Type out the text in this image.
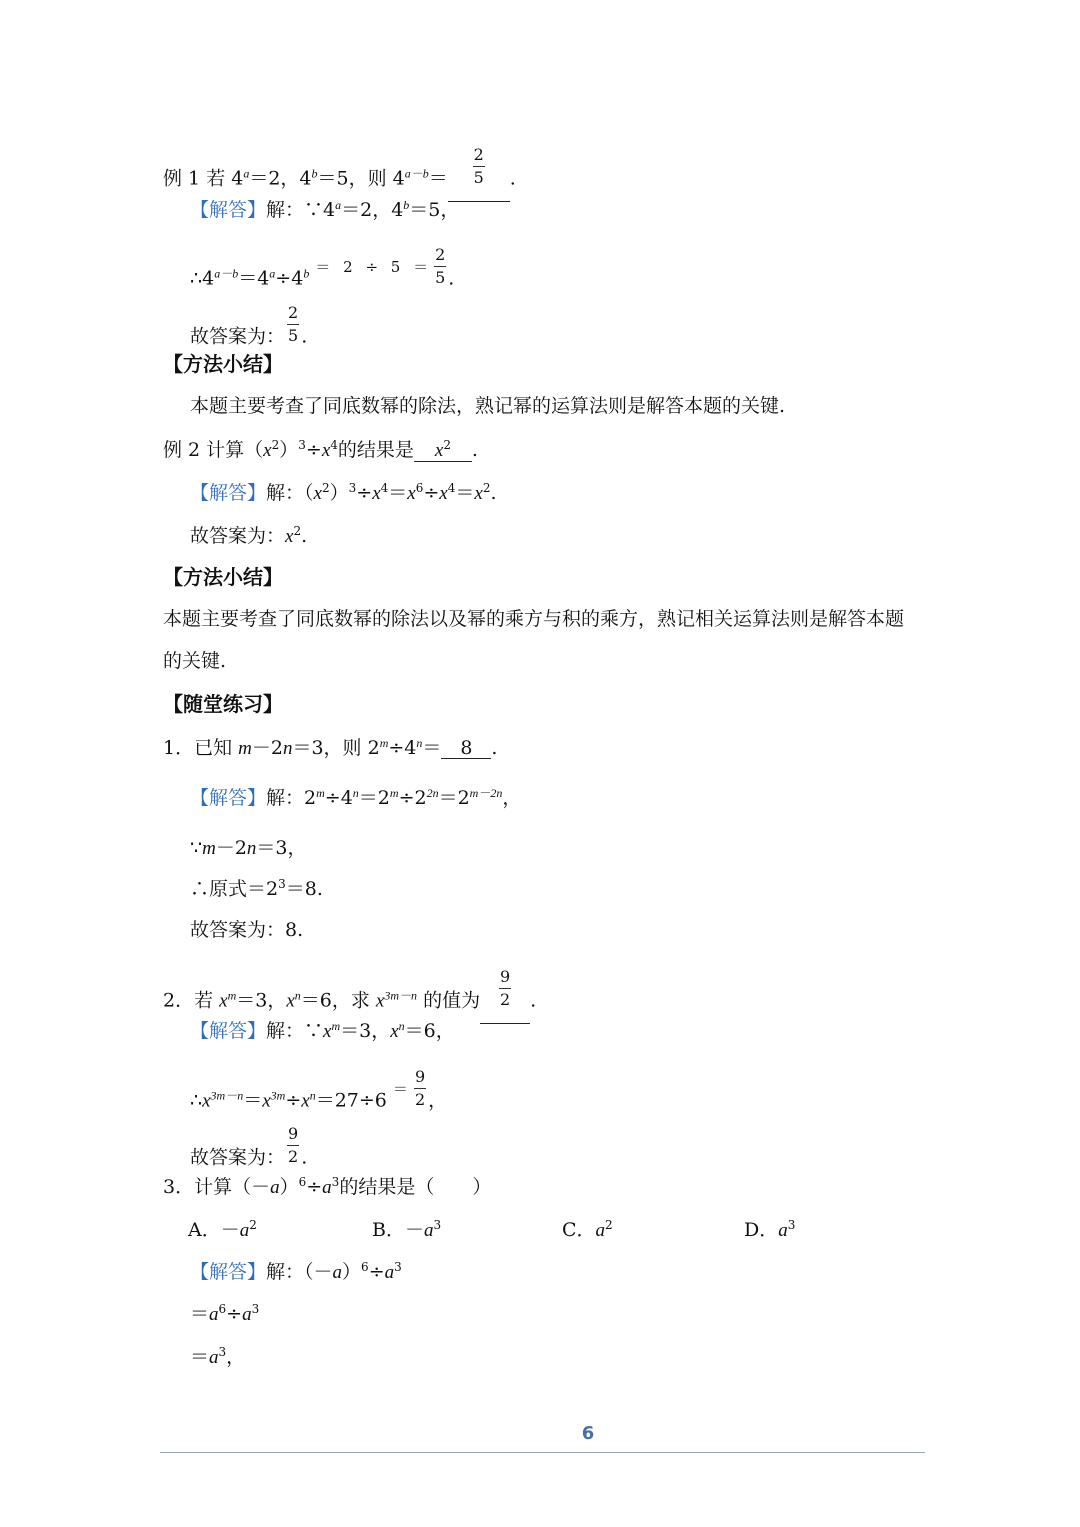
例 1 若 $4^a=2$，$4^b=5$，则 $4^{a-b}= \frac{2}{5}$ .
【解答】解：$\because 4^a=2$，$4^b=5$，
$\therefore 4^{a-b}=4^a\div 4^b$ $^{= 2 \div 5 =} \frac{2}{5}$ .
故答案为： $\frac{2}{5}$ .
【方法小结】
本题主要考查了同底数幂的除法，熟记幂的运算法则是解答本题的关键.
例 2 计算$(x^2)^3\div x^4$的结果是 $x^2$ .
【解答】解：$(x^2)^3\div x^4=x^6\div x^4=x^2$.
故答案为：$x^2$.
【方法小结】
本题主要考查了同底数幂的除法以及幂的乘方与积的乘方，熟记相关运算法则是解答本题
的关键.
【随堂练习】
1．已知 m－2n＝3，则 $2^m\div 4^n= 8$ .
【解答】解：$2^m\div 4^n=2^m\div 2^{2n}=2^{m-2n}$，
∵m－2n＝3，
∴原式$=2^3=8$.
故答案为：8.
2．若 $x^m=3$，$x^n=6$，求 $x^{3m-n}$ 的值为 $\frac{9}{2}$ .
【解答】解：$\because x^m=3$，$x^n=6$，
$\therefore x^{3m-n}=x^{3m}\div x^n=27\div 6$ $^= \frac{9}{2}$ ，
故答案为： $\frac{9}{2}$ .
3．计算$(-a)^6\div a^3$的结果是（　　）
A．$-a^2$	B．$-a^3$	C．$a^2$	D．$a^3$
【解答】解：$(-a)^6\div a^3$
$=a^6\div a^3$
$=a^3$，
6
